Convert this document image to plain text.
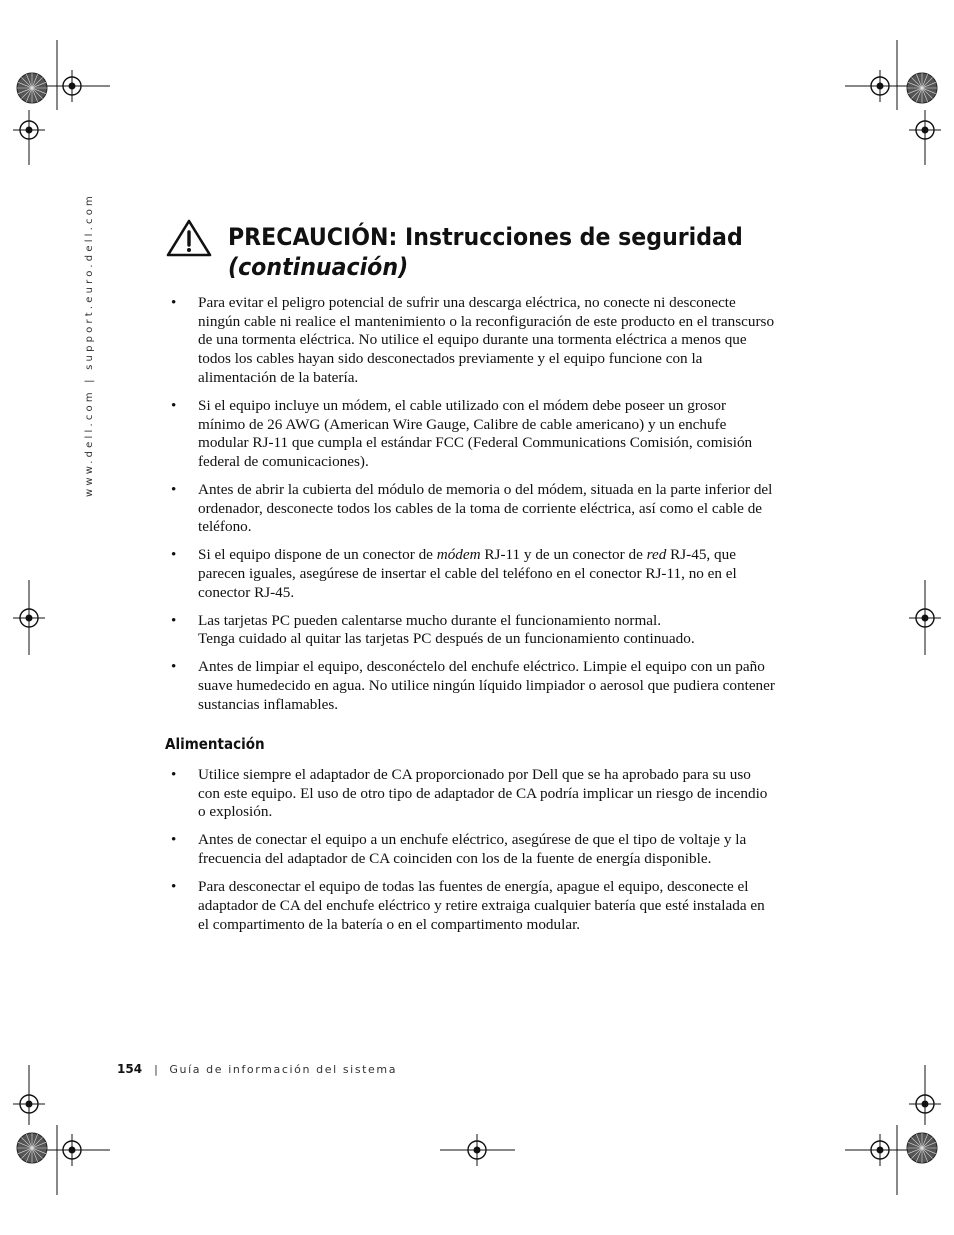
www.dell.com | support.euro.dell.com	PRECAUCIÓN: Instrucciones de seguridad
(continuación)
• Para evitar el peligro potencial de sufrir una descarga eléctrica, no conecte ni desconecte ningún cable ni realice el mantenimiento o la reconfiguración de este producto en el transcurso de una tormenta eléctrica. No utilice el equipo durante una tormenta eléctrica a menos que todos los cables hayan sido desconectados previamente y el equipo funcione con la alimentación de la batería.
• Si el equipo incluye un módem, el cable utilizado con el módem debe poseer un grosor mínimo de 26 AWG (American Wire Gauge, Calibre de cable americano) y un enchufe modular RJ-11 que cumpla el estándar FCC (Federal Communications Comisión, comisión federal de comunicaciones).
• Antes de abrir la cubierta del módulo de memoria o del módem, situada en la parte inferior del ordenador, desconecte todos los cables de la toma de corriente eléctrica, así como el cable de teléfono.
• Si el equipo dispone de un conector de módem RJ-11 y de un conector de red RJ-45, que parecen iguales, asegúrese de insertar el cable del teléfono en el conector RJ-11, no en el conector RJ-45.
• Las tarjetas PC pueden calentarse mucho durante el funcionamiento normal.
Tenga cuidado al quitar las tarjetas PC después de un funcionamiento continuado.
• Antes de limpiar el equipo, desconéctelo del enchufe eléctrico. Limpie el equipo con un paño suave humedecido en agua. No utilice ningún líquido limpiador o aerosol que pudiera contener sustancias inflamables.
Alimentación
• Utilice siempre el adaptador de CA proporcionado por Dell que se ha aprobado para su uso con este equipo. El uso de otro tipo de adaptador de CA podría implicar un riesgo de incendio o explosión.
• Antes de conectar el equipo a un enchufe eléctrico, asegúrese de que el tipo de voltaje y la frecuencia del adaptador de CA coinciden con los de la fuente de energía disponible.
• Para desconectar el equipo de todas las fuentes de energía, apague el equipo, desconecte el adaptador de CA del enchufe eléctrico y retire extraiga cualquier batería que esté instalada en el compartimento de la batería o en el compartimento modular.
154 | Guía de información del sistema
